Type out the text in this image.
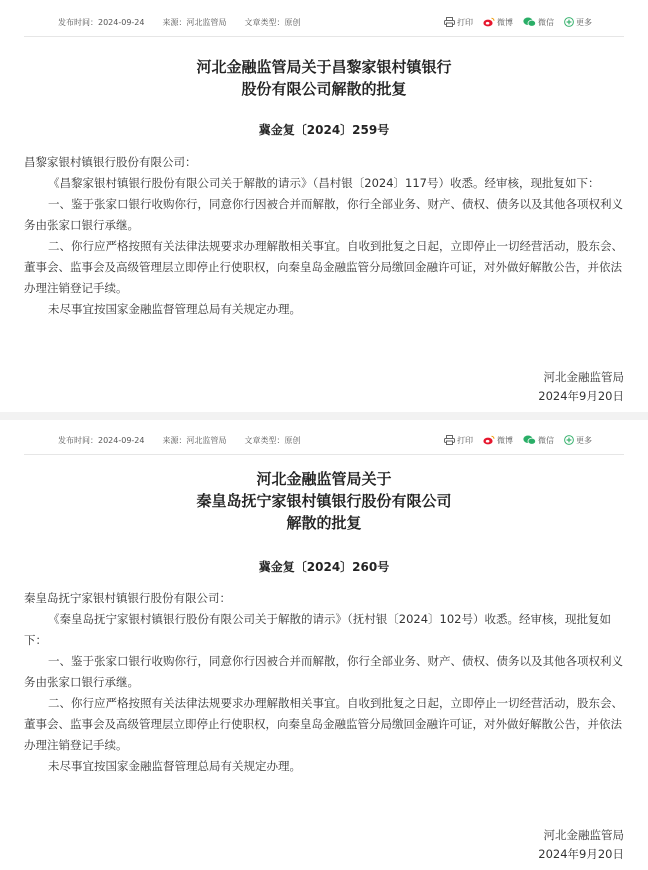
发布时间：2024-09-24 来源：河北监管局 文章类型：原创	打印	微博	微信	更多
河北金融监管局关于昌黎家银村镇银行
股份有限公司解散的批复
冀金复〔2024〕259号

昌黎家银村镇银行股份有限公司：

《昌黎家银村镇银行股份有限公司关于解散的请示》（昌村银〔2024〕117号）收悉。经审核，现批复如下：

一、鉴于张家口银行收购你行，同意你行因被合并而解散，你行全部业务、财产、债权、债务以及其他各项权利义务由张家口银行承继。

二、你行应严格按照有关法律法规要求办理解散相关事宜。自收到批复之日起，立即停止一切经营活动，股东会、董事会、监事会及高级管理层立即停止行使职权，向秦皇岛金融监管分局缴回金融许可证，对外做好解散公告，并依法办理注销登记手续。

未尽事宜按国家金融监督管理总局有关规定办理。

河北金融监管局
2024年9月20日
发布时间：2024-09-24 来源：河北监管局 文章类型：原创	打印	微博	微信	更多
河北金融监管局关于
秦皇岛抚宁家银村镇银行股份有限公司
解散的批复
冀金复〔2024〕260号

秦皇岛抚宁家银村镇银行股份有限公司：

《秦皇岛抚宁家银村镇银行股份有限公司关于解散的请示》（抚村银〔2024〕102号）收悉。经审核，现批复如下：

一、鉴于张家口银行收购你行，同意你行因被合并而解散，你行全部业务、财产、债权、债务以及其他各项权利义务由张家口银行承继。

二、你行应严格按照有关法律法规要求办理解散相关事宜。自收到批复之日起，立即停止一切经营活动，股东会、董事会、监事会及高级管理层立即停止行使职权，向秦皇岛金融监管分局缴回金融许可证，对外做好解散公告，并依法办理注销登记手续。

未尽事宜按国家金融监督管理总局有关规定办理。

河北金融监管局
2024年9月20日
